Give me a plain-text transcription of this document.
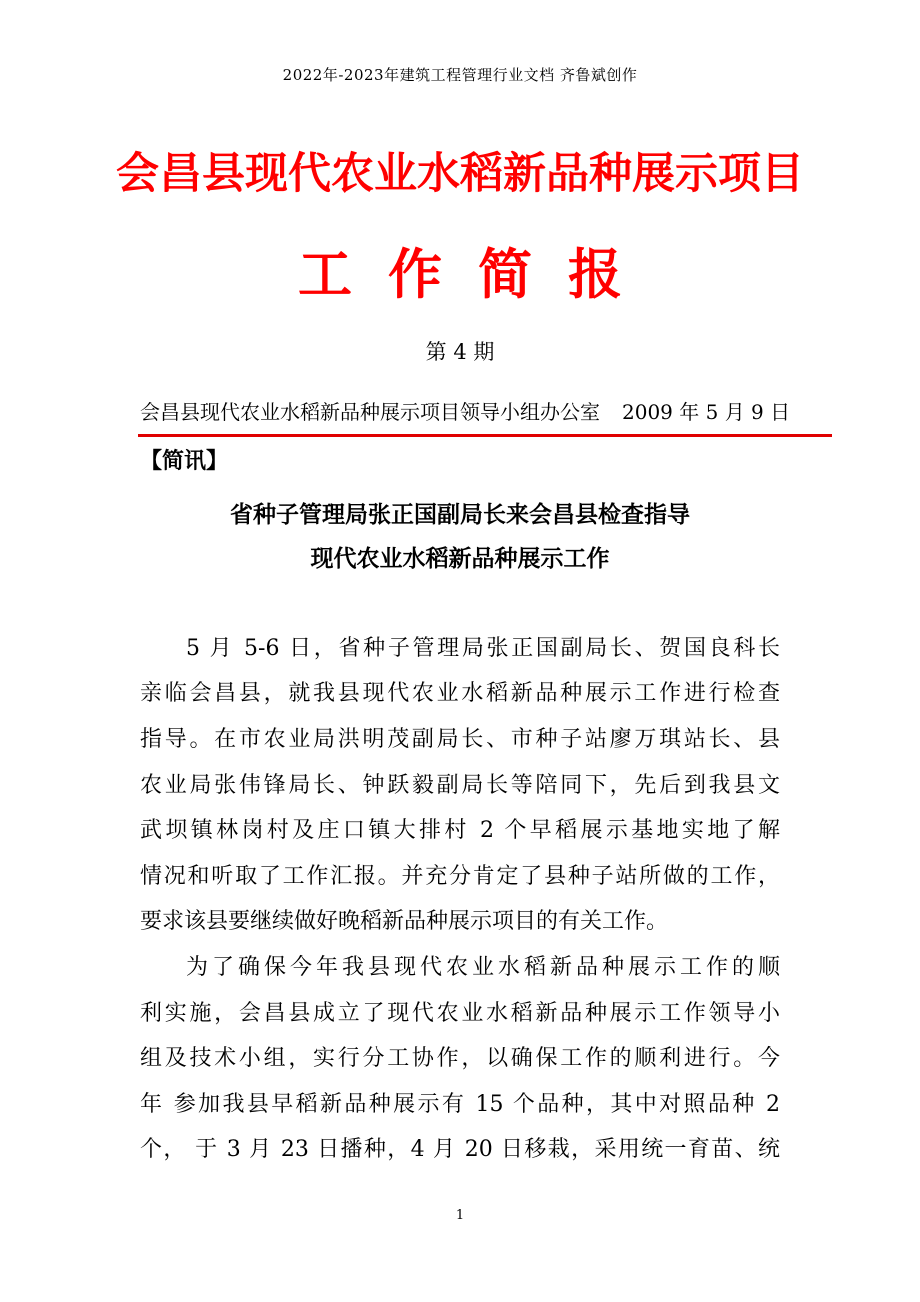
2022年-2023年建筑工程管理行业文档 齐鲁斌创作
会昌县现代农业水稻新品种展示项目
工作简报
第 4 期
会昌县现代农业水稻新品种展示项目领导小组办公室 2009 年 5 月 9 日
【简讯】
省种子管理局张正国副局长来会昌县检查指导
现代农业水稻新品种展示工作
5 月 5-6 日，省种子管理局张正国副局长、贺国良科长
亲临会昌县，就我县现代农业水稻新品种展示工作进行检查
指导。在市农业局洪明茂副局长、市种子站廖万琪站长、县
农业局张伟锋局长、钟跃毅副局长等陪同下，先后到我县文
武坝镇林岗村及庄口镇大排村 2 个早稻展示基地实地了解
情况和听取了工作汇报。并充分肯定了县种子站所做的工作，
要求该县要继续做好晚稻新品种展示项目的有关工作。
为了确保今年我县现代农业水稻新品种展示工作的顺
利实施，会昌县成立了现代农业水稻新品种展示工作领导小
组及技术小组，实行分工协作，以确保工作的顺利进行。今
年 参加我县早稻新品种展示有 15 个品种，其中对照品种 2
个， 于 3 月 23 日播种，4 月 20 日移栽，采用统一育苗、统
1
